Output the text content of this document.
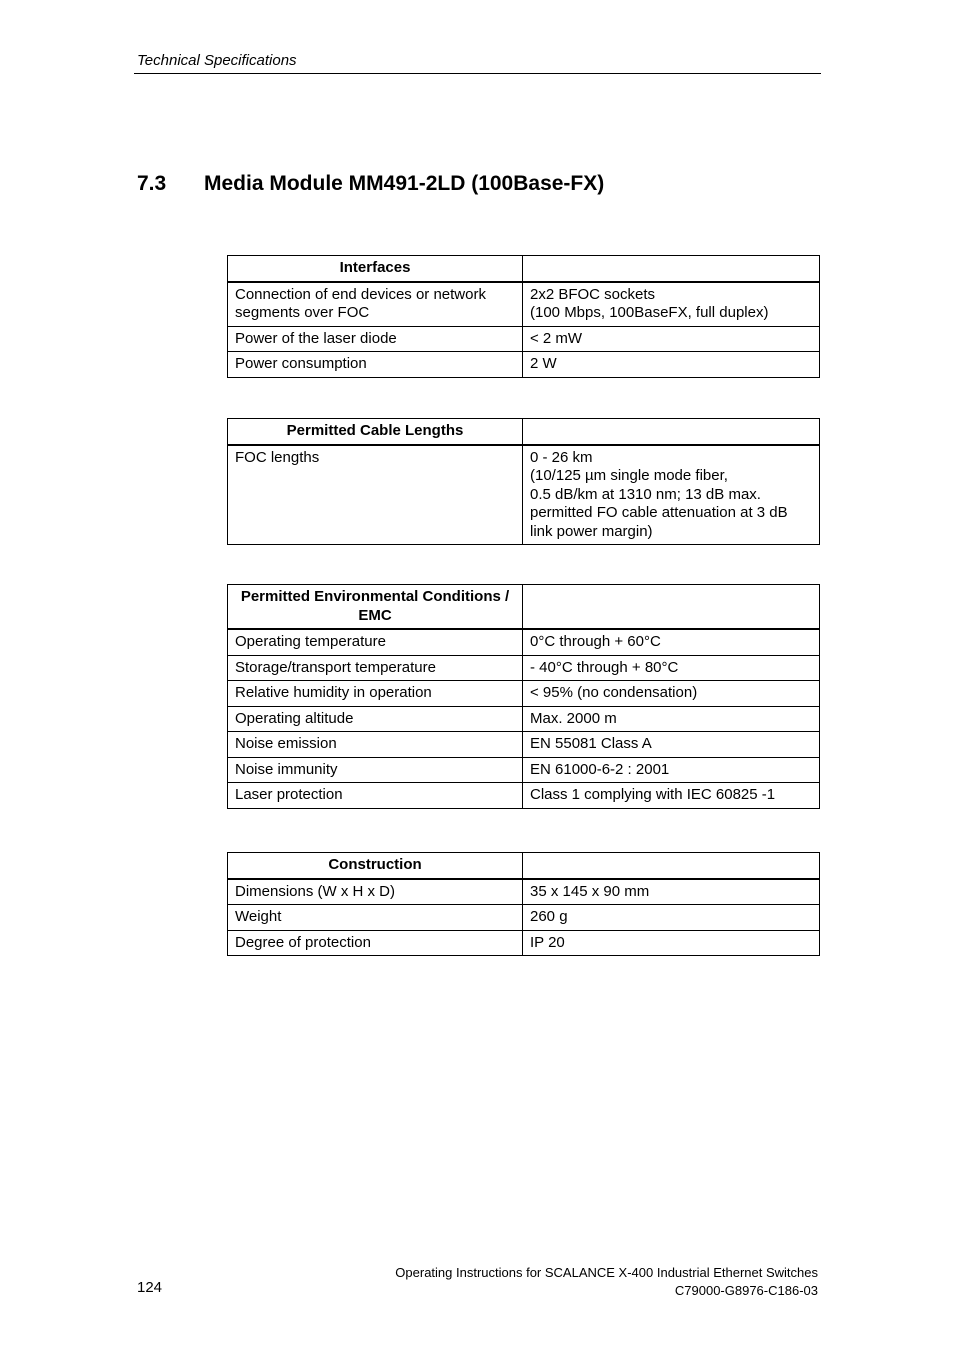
Technical Specifications
7.3 Media Module MM491-2LD (100Base-FX)
Interfaces	
Connection of end devices or network segments over FOC	2x2 BFOC sockets
(100 Mbps, 100BaseFX, full duplex)
Power of the laser diode	< 2 mW
Power consumption	2 W
Permitted Cable Lengths	
FOC lengths	0 - 26 km
(10/125 µm single mode fiber,
0.5 dB/km at 1310 nm; 13 dB max. permitted FO cable attenuation at 3 dB link power margin)
Permitted Environmental Conditions / EMC	
Operating temperature	0°C through + 60°C
Storage/transport temperature	- 40°C through + 80°C
Relative humidity in operation	< 95% (no condensation)
Operating altitude	Max. 2000 m
Noise emission	EN 55081 Class A
Noise immunity	EN 61000-6-2 : 2001
Laser protection	Class 1 complying with IEC 60825 -1
Construction	
Dimensions (W x H x D)	35 x 145 x 90 mm
Weight	260 g
Degree of protection	IP 20
124
Operating Instructions for SCALANCE X-400 Industrial Ethernet Switches
C79000-G8976-C186-03
